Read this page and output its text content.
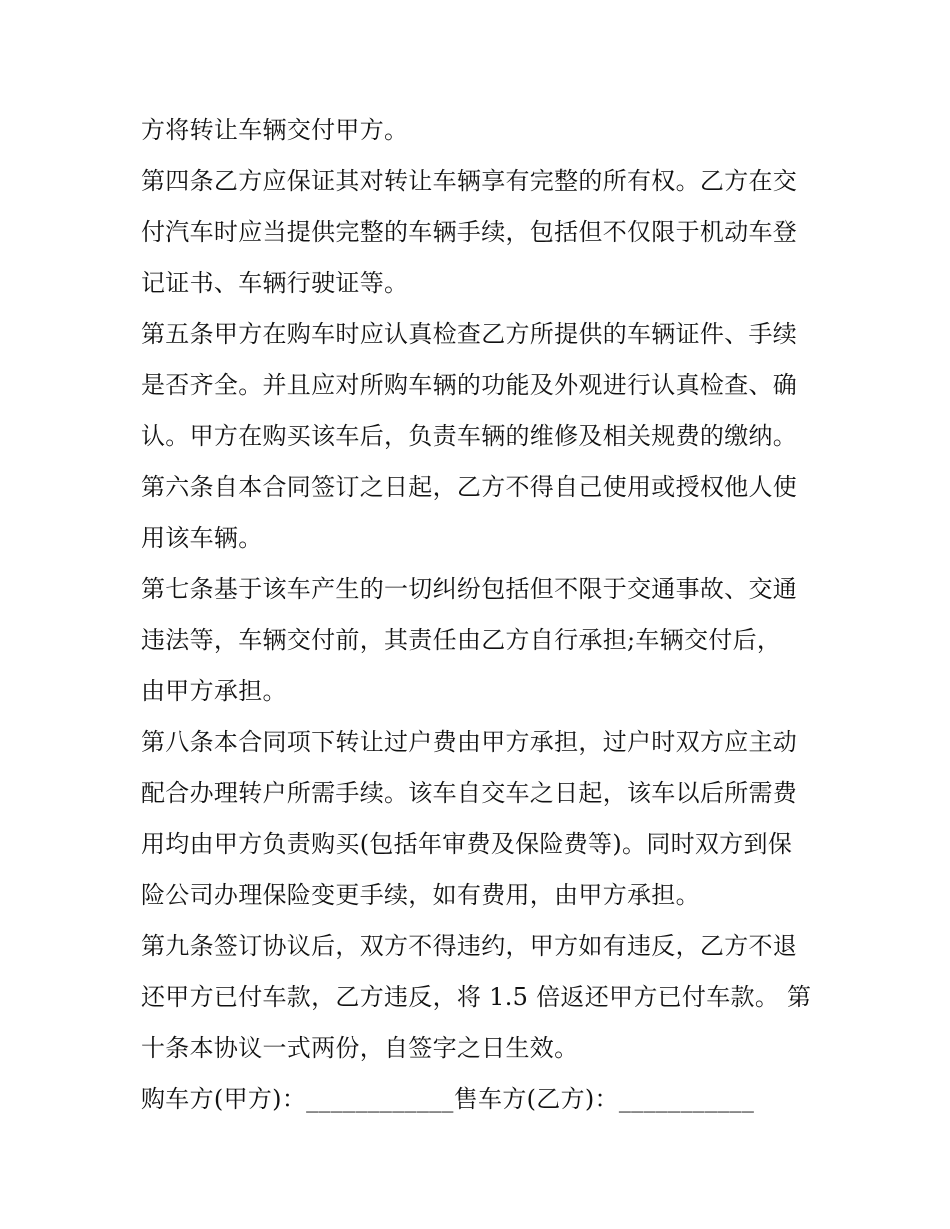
方将转让车辆交付甲方。
第四条乙方应保证其对转让车辆享有完整的所有权。乙方在交
付汽车时应当提供完整的车辆手续，包括但不仅限于机动车登
记证书、车辆行驶证等。
第五条甲方在购车时应认真检查乙方所提供的车辆证件、手续
是否齐全。并且应对所购车辆的功能及外观进行认真检查、确
认。甲方在购买该车后，负责车辆的维修及相关规费的缴纳。
第六条自本合同签订之日起，乙方不得自己使用或授权他人使
用该车辆。
第七条基于该车产生的一切纠纷包括但不限于交通事故、交通
违法等，车辆交付前，其责任由乙方自行承担;车辆交付后，
由甲方承担。
第八条本合同项下转让过户费由甲方承担，过户时双方应主动
配合办理转户所需手续。该车自交车之日起，该车以后所需费
用均由甲方负责购买(包括年审费及保险费等)。同时双方到保
险公司办理保险变更手续，如有费用，由甲方承担。
第九条签订协议后，双方不得违约，甲方如有违反，乙方不退
还甲方已付车款，乙方违反，将 1.5 倍返还甲方已付车款。 第
十条本协议一式两份，自签字之日生效。
购车方(甲方)：____________售车方(乙方)：___________
